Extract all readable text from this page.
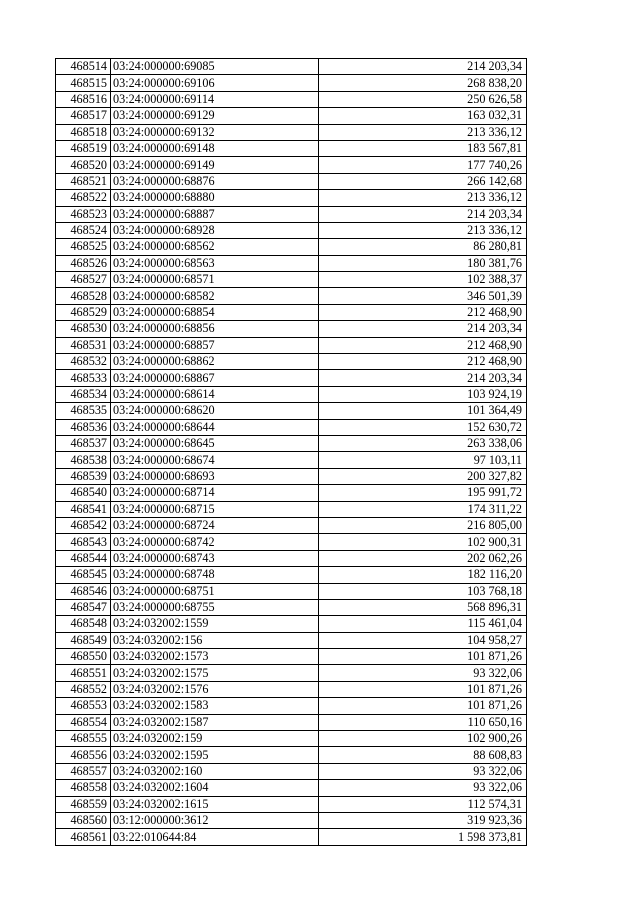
468514	03:24:000000:69085	214 203,34
468515	03:24:000000:69106	268 838,20
468516	03:24:000000:69114	250 626,58
468517	03:24:000000:69129	163 032,31
468518	03:24:000000:69132	213 336,12
468519	03:24:000000:69148	183 567,81
468520	03:24:000000:69149	177 740,26
468521	03:24:000000:68876	266 142,68
468522	03:24:000000:68880	213 336,12
468523	03:24:000000:68887	214 203,34
468524	03:24:000000:68928	213 336,12
468525	03:24:000000:68562	86 280,81
468526	03:24:000000:68563	180 381,76
468527	03:24:000000:68571	102 388,37
468528	03:24:000000:68582	346 501,39
468529	03:24:000000:68854	212 468,90
468530	03:24:000000:68856	214 203,34
468531	03:24:000000:68857	212 468,90
468532	03:24:000000:68862	212 468,90
468533	03:24:000000:68867	214 203,34
468534	03:24:000000:68614	103 924,19
468535	03:24:000000:68620	101 364,49
468536	03:24:000000:68644	152 630,72
468537	03:24:000000:68645	263 338,06
468538	03:24:000000:68674	97 103,11
468539	03:24:000000:68693	200 327,82
468540	03:24:000000:68714	195 991,72
468541	03:24:000000:68715	174 311,22
468542	03:24:000000:68724	216 805,00
468543	03:24:000000:68742	102 900,31
468544	03:24:000000:68743	202 062,26
468545	03:24:000000:68748	182 116,20
468546	03:24:000000:68751	103 768,18
468547	03:24:000000:68755	568 896,31
468548	03:24:032002:1559	115 461,04
468549	03:24:032002:156	104 958,27
468550	03:24:032002:1573	101 871,26
468551	03:24:032002:1575	93 322,06
468552	03:24:032002:1576	101 871,26
468553	03:24:032002:1583	101 871,26
468554	03:24:032002:1587	110 650,16
468555	03:24:032002:159	102 900,26
468556	03:24:032002:1595	88 608,83
468557	03:24:032002:160	93 322,06
468558	03:24:032002:1604	93 322,06
468559	03:24:032002:1615	112 574,31
468560	03:12:000000:3612	319 923,36
468561	03:22:010644:84	1 598 373,81
